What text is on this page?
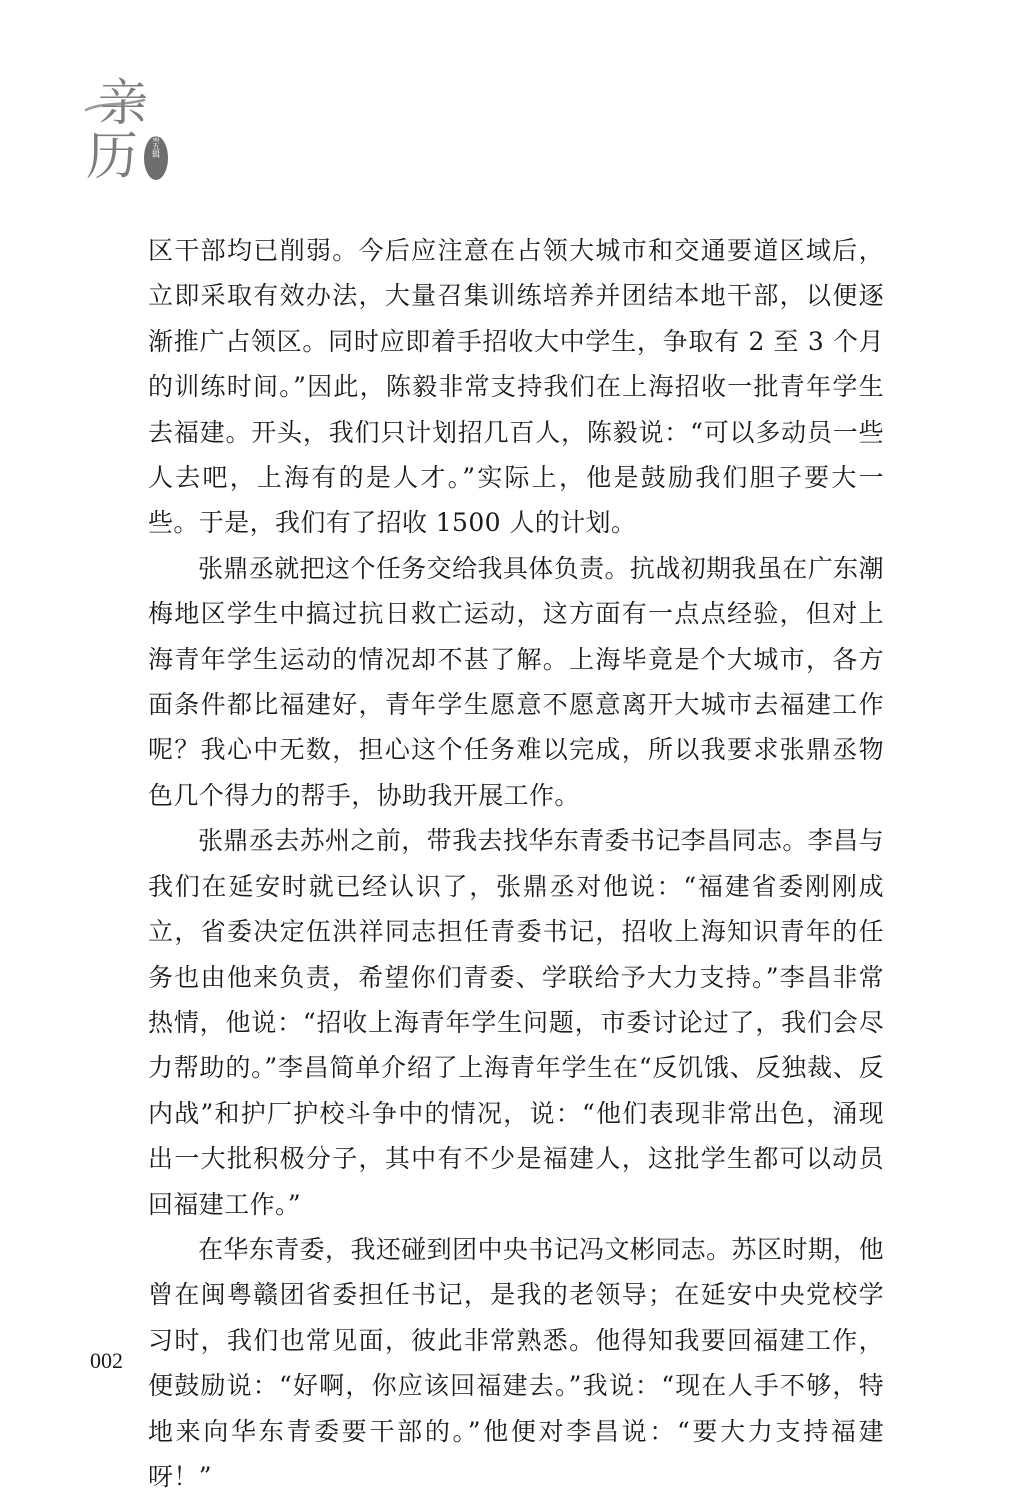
亲
历 第五辑

区干部均已削弱。今后应注意在占领大城市和交通要道区域后，立即采取有效办法，大量召集训练培养并团结本地干部，以便逐渐推广占领区。同时应即着手招收大中学生，争取有 2 至 3 个月的训练时间。”因此，陈毅非常支持我们在上海招收一批青年学生去福建。开头，我们只计划招几百人，陈毅说：“可以多动员一些人去吧，上海有的是人才。”实际上，他是鼓励我们胆子要大一些。于是，我们有了招收 1500 人的计划。

张鼎丞就把这个任务交给我具体负责。抗战初期我虽在广东潮梅地区学生中搞过抗日救亡运动，这方面有一点点经验，但对上海青年学生运动的情况却不甚了解。上海毕竟是个大城市，各方面条件都比福建好，青年学生愿意不愿意离开大城市去福建工作呢？我心中无数，担心这个任务难以完成，所以我要求张鼎丞物色几个得力的帮手，协助我开展工作。

张鼎丞去苏州之前，带我去找华东青委书记李昌同志。李昌与我们在延安时就已经认识了，张鼎丞对他说：“福建省委刚刚成立，省委决定伍洪祥同志担任青委书记，招收上海知识青年的任务也由他来负责，希望你们青委、学联给予大力支持。”李昌非常热情，他说：“招收上海青年学生问题，市委讨论过了，我们会尽力帮助的。”李昌简单介绍了上海青年学生在“反饥饿、反独裁、反内战”和护厂护校斗争中的情况，说：“他们表现非常出色，涌现出一大批积极分子，其中有不少是福建人，这批学生都可以动员回福建工作。”

在华东青委，我还碰到团中央书记冯文彬同志。苏区时期，他曾在闽粤赣团省委担任书记，是我的老领导；在延安中央党校学习时，我们也常见面，彼此非常熟悉。他得知我要回福建工作，便鼓励说：“好啊，你应该回福建去。”我说：“现在人手不够，特地来向华东青委要干部的。”他便对李昌说：“要大力支持福建呀！”

002
